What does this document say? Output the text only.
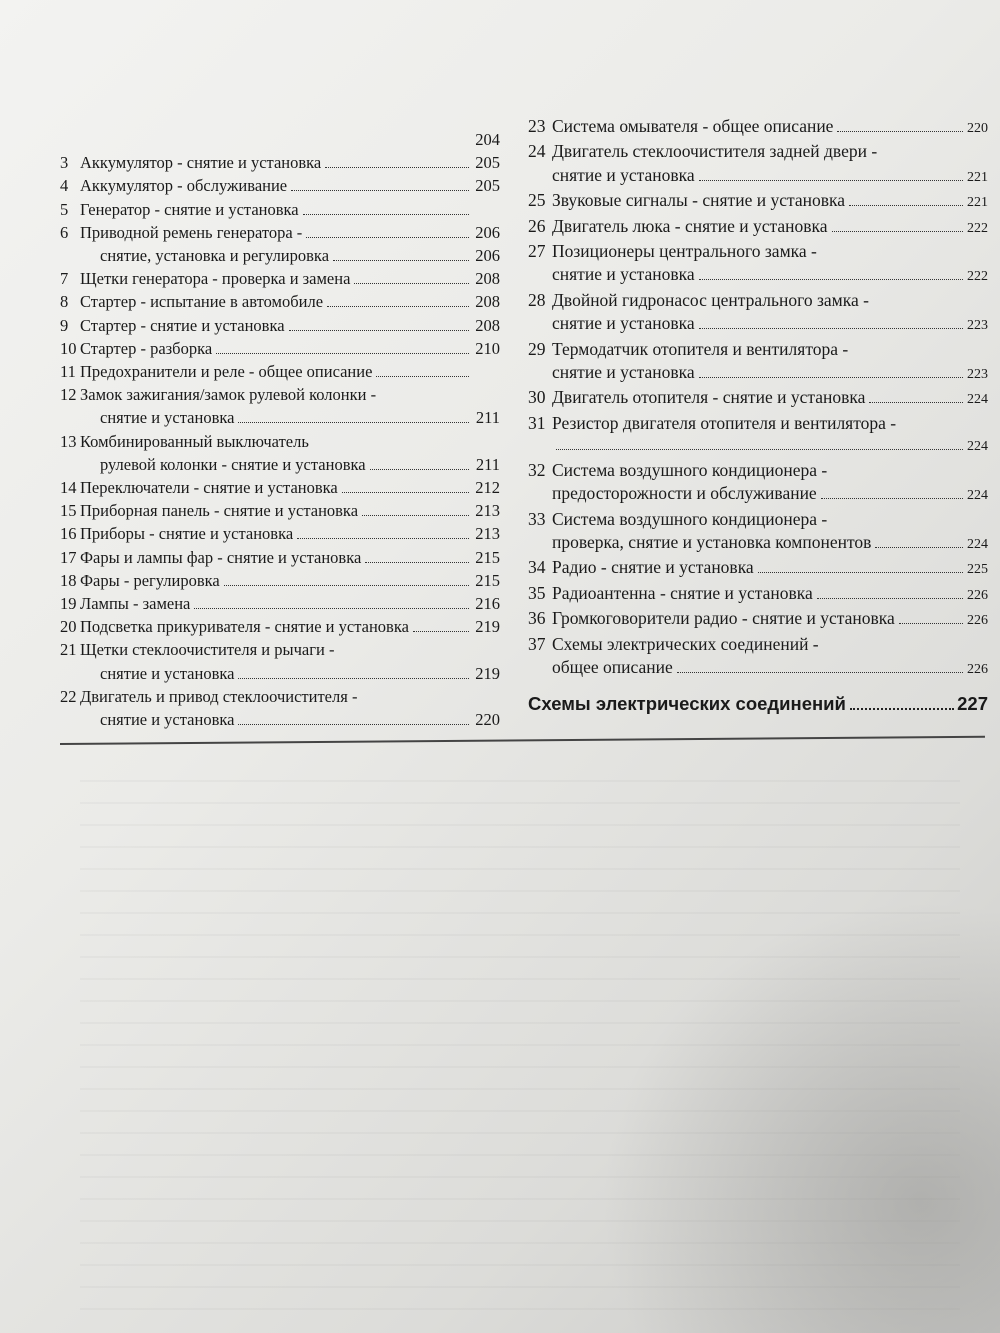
204
3 Аккумулятор - снятие и установка	205
4 Аккумулятор - обслуживание	205
5 Генератор - снятие и установка
6 Приводной ремень генератора -	206
снятие, установка и регулировка	206
7 Щетки генератора - проверка и замена	208
8 Стартер - испытание в автомобиле	208
9 Стартер - снятие и установка	208
10 Стартер - разборка	210
11 Предохранители и реле - общее описание
12 Замок зажигания/замок рулевой колонки -
снятие и установка	211
13 Комбинированный выключатель
рулевой колонки - снятие и установка	211
14 Переключатели - снятие и установка	212
15 Приборная панель - снятие и установка	213
16 Приборы - снятие и установка	213
17 Фары и лампы фар - снятие и установка	215
18 Фары - регулировка	215
19 Лампы - замена	216
20 Подсветка прикуривателя - снятие и установка	219
21 Щетки стеклоочистителя и рычаги -
снятие и установка	219
22 Двигатель и привод стеклоочистителя -
снятие и установка	220
23 Система омывателя - общее описание	220
24 Двигатель стеклоочистителя задней двери -
снятие и установка	221
25 Звуковые сигналы - снятие и установка	221
26 Двигатель люка - снятие и установка	222
27 Позиционеры центрального замка -
снятие и установка	222
28 Двойной гидронасос центрального замка -
снятие и установка	223
29 Термодатчик отопителя и вентилятора -
снятие и установка	223
30 Двигатель отопителя - снятие и установка	224
31 Резистор двигателя отопителя и вентилятора -
224
32 Система воздушного кондиционера -
предосторожности и обслуживание	224
33 Система воздушного кондиционера -
проверка, снятие и установка компонентов	224
34 Радио - снятие и установка	225
35 Радиоантенна - снятие и установка	226
36 Громкоговорители радио - снятие и установка	226
37 Схемы электрических соединений -
общее описание	226
Схемы электрических соединений	227
